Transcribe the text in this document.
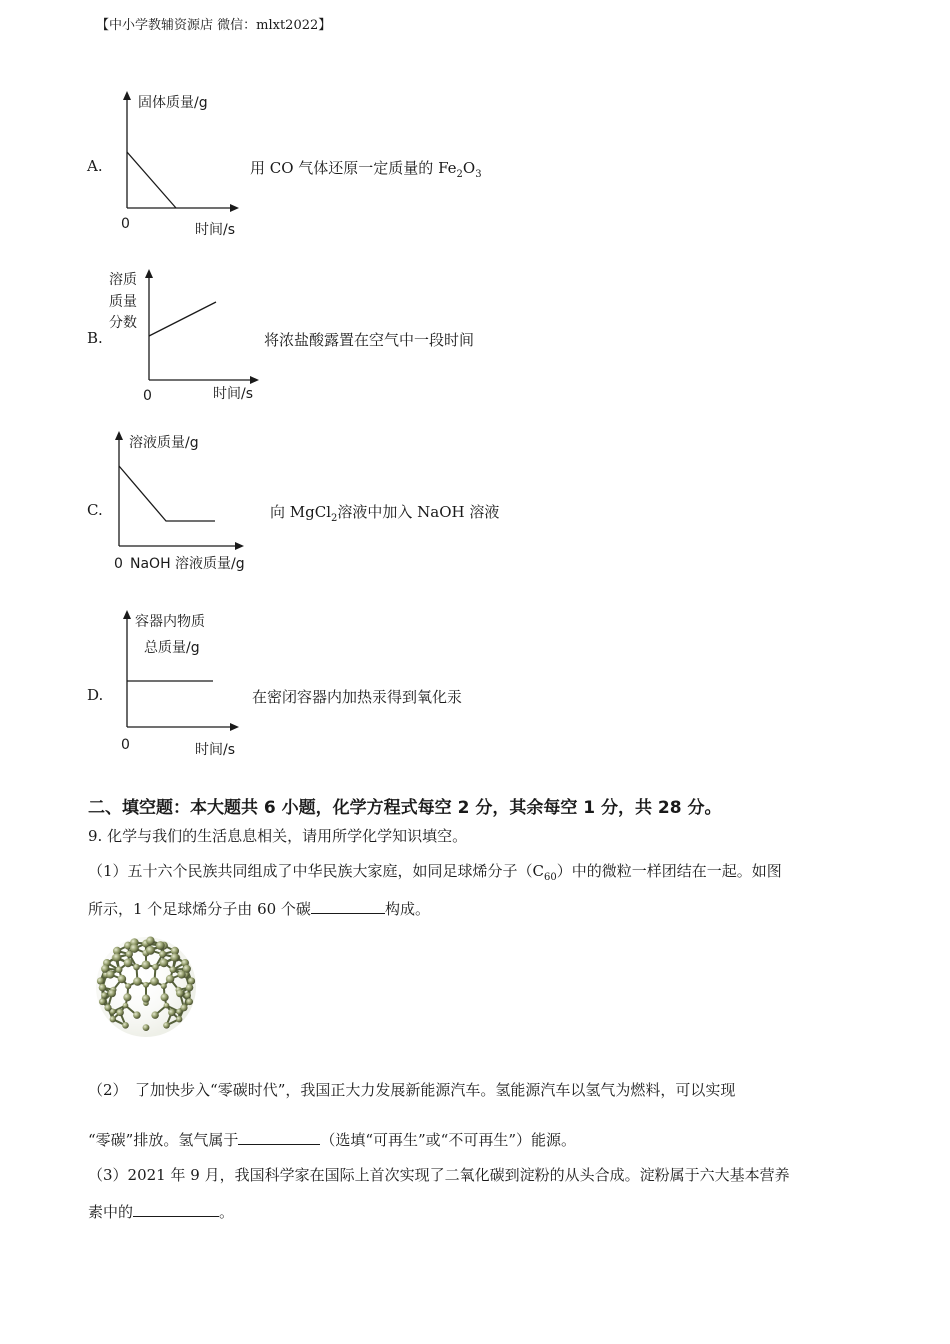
【中小学教辅资源店 微信：mlxt2022】
A.
固体质量/g
0	时间/s
用 CO 气体还原一定质量的 $Fe_2O_3$
B.
溶质
质量
分数
0	时间/s
将浓盐酸露置在空气中一段时间
C.
溶液质量/g
0 NaOH 溶液质量/g
向 MgCl$_2$溶液中加入 NaOH 溶液
D.
容器内物质
总质量/g
0	时间/s
在密闭容器内加热汞得到氧化汞
二、填空题：本大题共 6 小题，化学方程式每空 2 分，其余每空 1 分，共 28 分。
9. 化学与我们的生活息息相关，请用所学化学知识填空。
（1）五十六个民族共同组成了中华民族大家庭，如同足球烯分子$(C_{60})$中的微粒一样团结在一起。如图
所示，1 个足球烯分子由 60 个碳	构成。
（2）　了加快步入“零碳时代”，我国正大力发展新能源汽车。氢能源汽车以氢气为燃料，可以实现
“零碳”排放。氢气属于	（选填“可再生”或“不可再生”）能源。
（3）2021 年 9 月，我国科学家在国际上首次实现了二氧化碳到淀粉的从头合成。淀粉属于六大基本营养
素中的	。
